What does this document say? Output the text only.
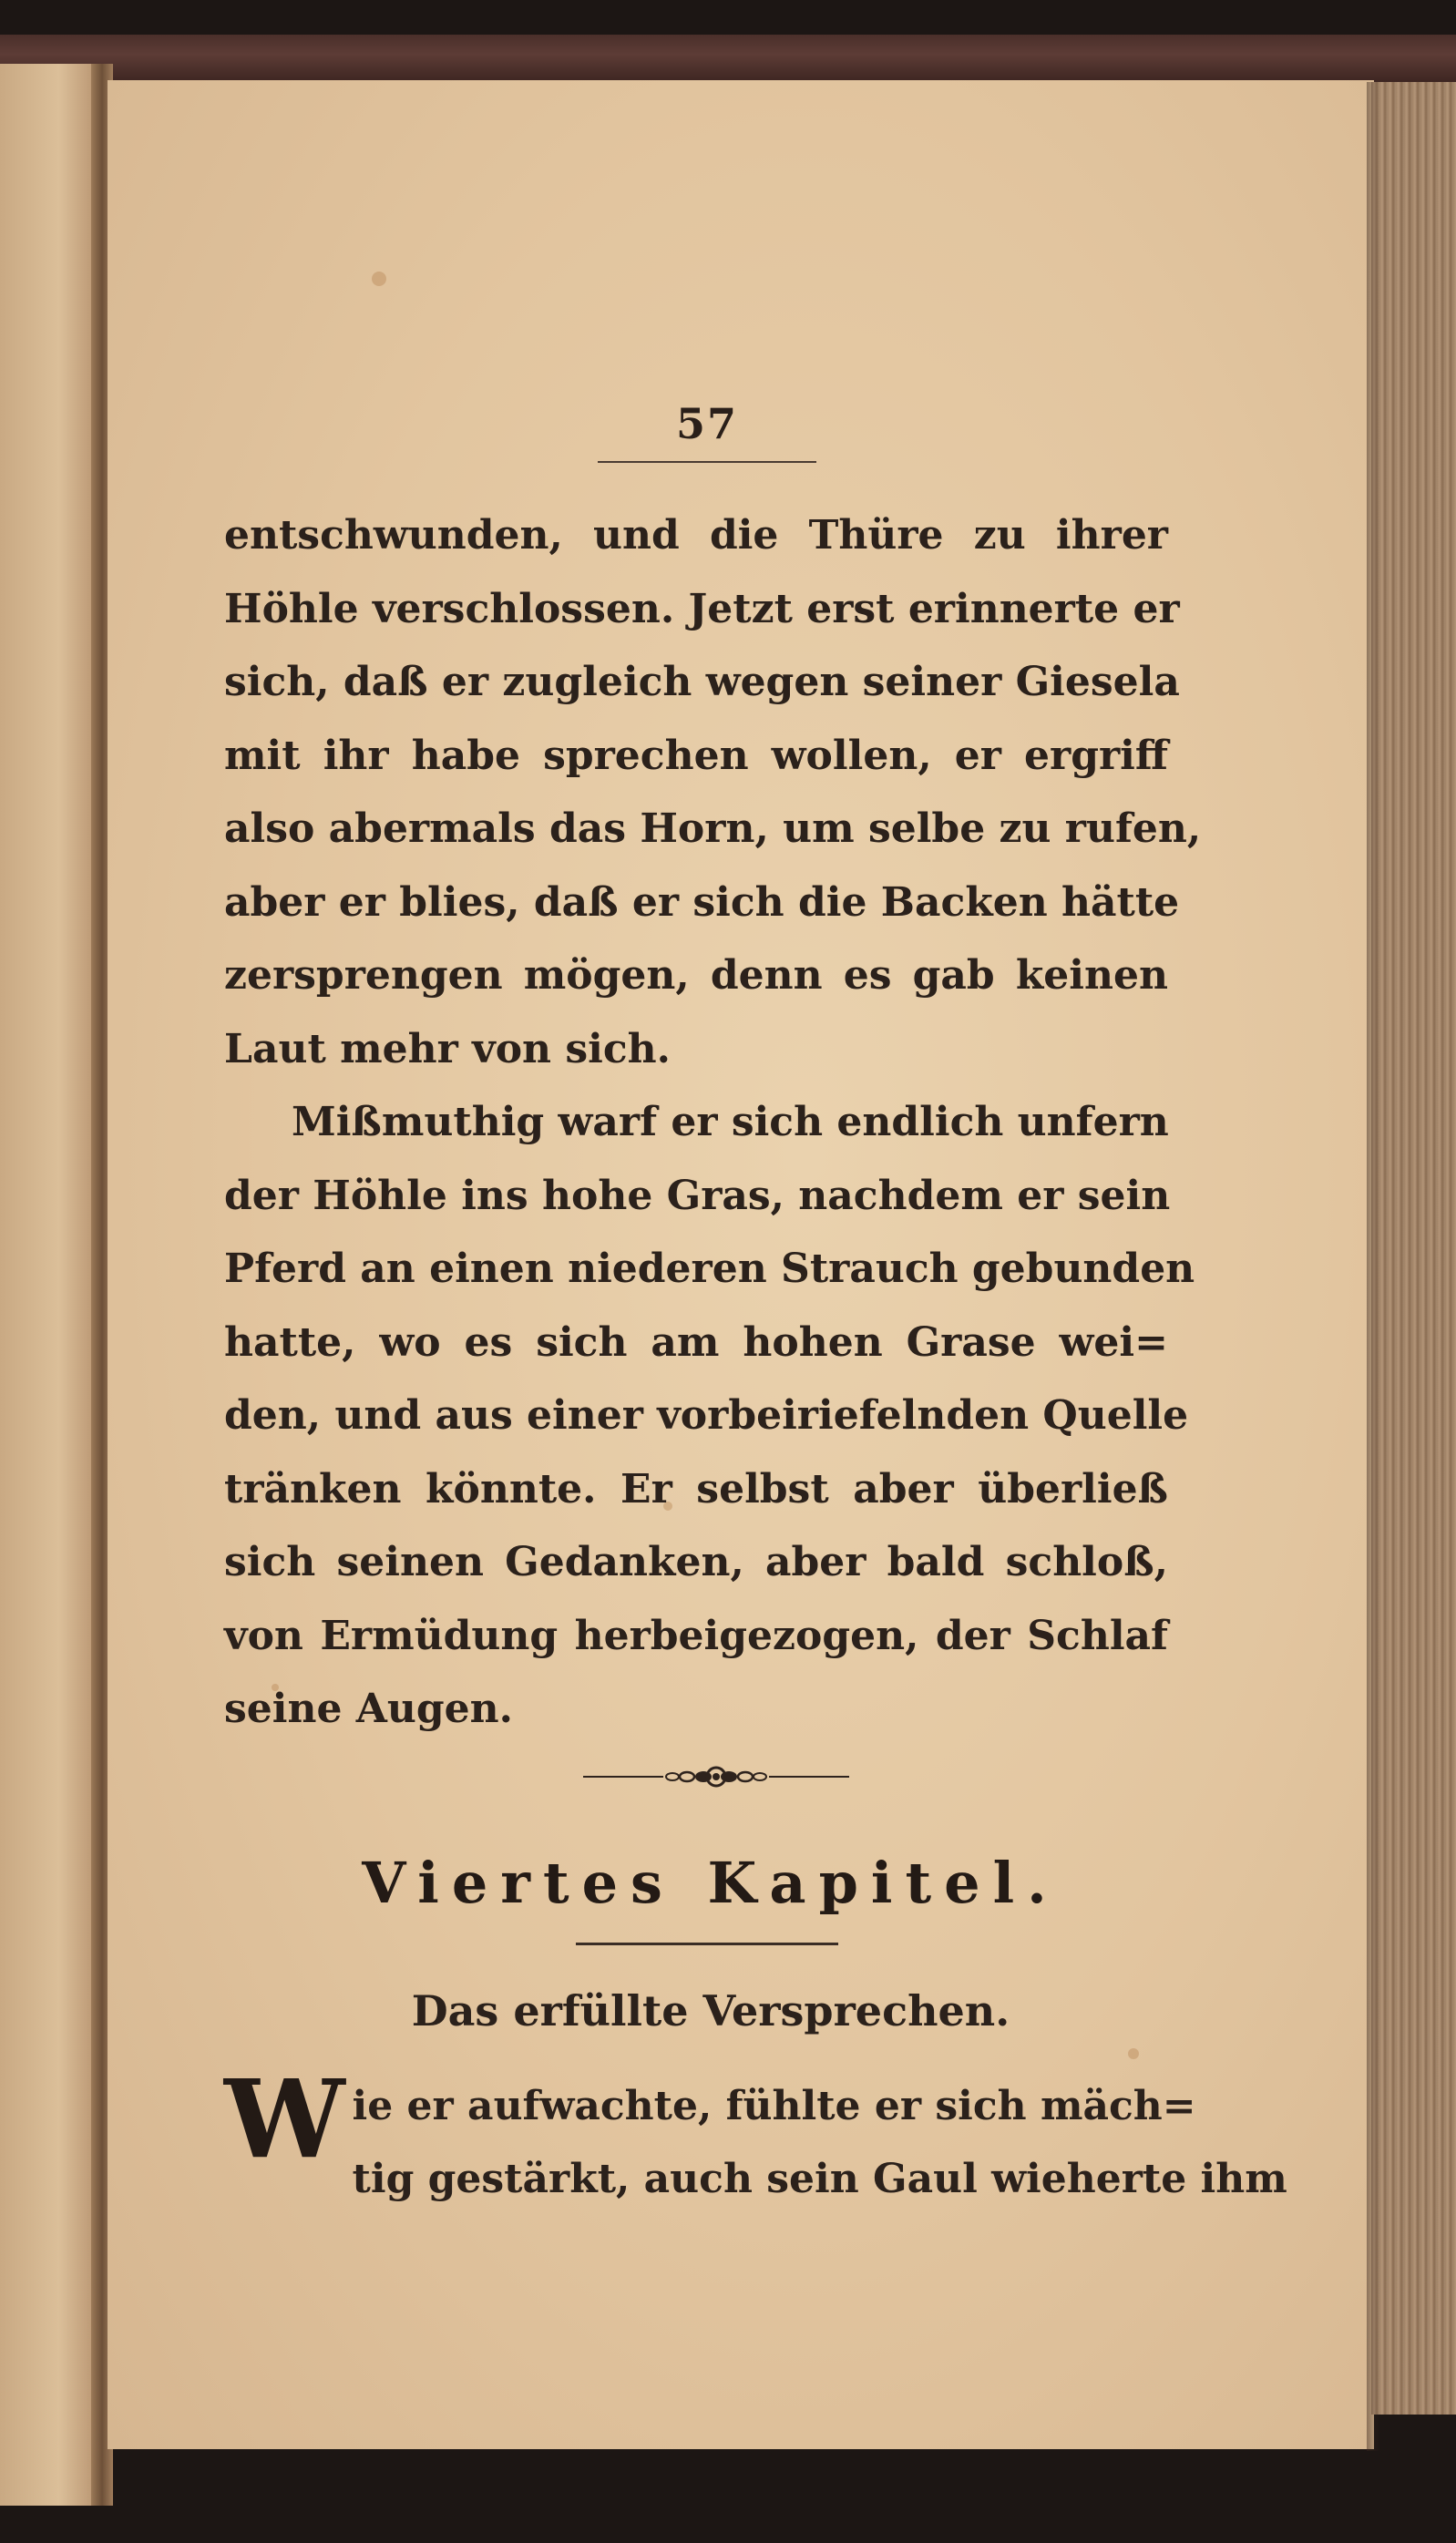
57

entschwunden, und die Thüre zu ihrer
Höhle verschlossen. Jetzt erst erinnerte er
sich, daß er zugleich wegen seiner Giesela
mit ihr habe sprechen wollen, er ergriff
also abermals das Horn, um selbe zu rufen,
aber er blies, daß er sich die Backen hätte
zersprengen mögen, denn es gab keinen
Laut mehr von sich.

Mißmuthig warf er sich endlich unfern
der Höhle ins hohe Gras, nachdem er sein
Pferd an einen niederen Strauch gebunden
hatte, wo es sich am hohen Grase wei=
den, und aus einer vorbeiriefelnden Quelle
tränken könnte. Er selbst aber überließ
sich seinen Gedanken, aber bald schloß,
von Ermüdung herbeigezogen, der Schlaf
seine Augen.

Viertes Kapitel.
Das erfüllte Versprechen.
W ie er aufwachte, fühlte er sich mäch=
tig gestärkt, auch sein Gaul wieherte ihm
